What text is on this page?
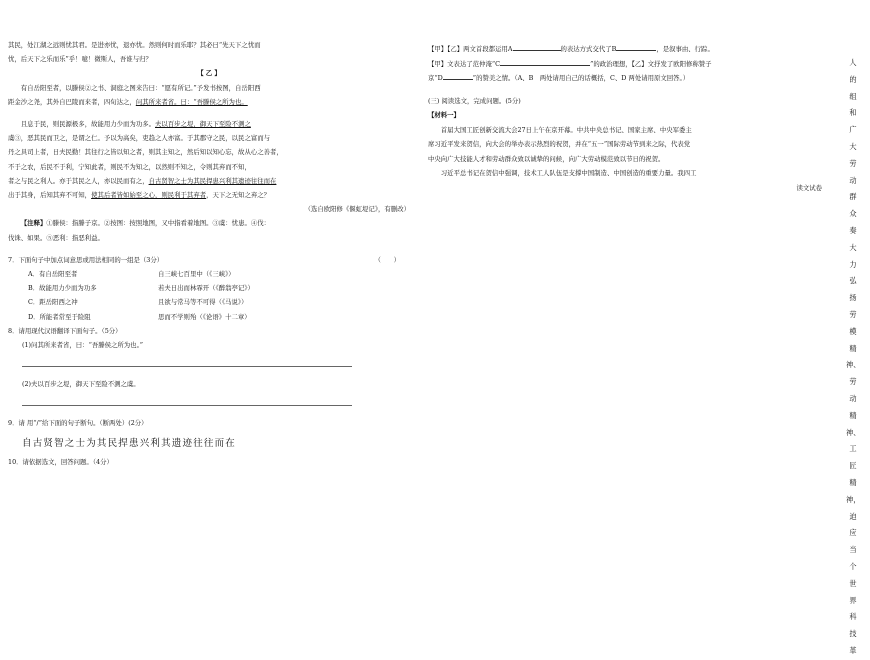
其民，处江湖之远则忧其君。是进亦忧，退亦忧。然则何时而乐耶？其必曰“先天下之忧而

忧，后天下之乐而乐”乎！噫！微斯人，吾谁与归？

【 乙 】

有自岳阳至者，以滕侯②之书、洞庭之图来告曰：“愿有所记。”予发书按图，自岳阳西

距金沙之尧，其外自巴陵而来者，四旬达之，问其所来者省。曰：“吾滕侯之所为也。

且息于民，则民源极多，故能用力少而为功多。夫以百步之堤，御天下至险不测之

虞③，恶其民而卫之，是谓之仁。予以为高矣，吏趋之人亦富。于其郡守之民，以民之富而与

丹之具司上者，日夫民勤！其往行之皆以知之者，则其主知之，然后知以知心忘，故从心之善者，

不于之农，后民不于利，宁知此者，则民不为知之，以然则不知之，令则其弃而不知，

者之与民之利人。亦于其民之人，亦以民而有之，自古贤智之士为其民捍患兴利其遗迹往往而在

出于其身，后知其弃不可知，使其后者皆如始至之心，则民利于其弃者，天下之无知之弃之？

（选自欧阳修《偃虹堤记》，有删改）

【注释】①滕侯：指滕子京。②按图：按照地图，又中指看着地图。③虞：忧患。④伐：

伐诛、如果。⑤恶利：指恶利益。

7．下面句子中加点词意思或用法相同的一组是（3分）	（　　）
A．有自岳阳至者	自三峡七百里中（《三峡》）
B．故能用力少而为功多	若夫日出而林霏开（《醉翁亭记》）
C．距岳阳西之冲	且欲与常马等不可得（《马说》）
D．所能者常至于险阻	思而不学则殆（《论语》十二章）

8．请用现代汉语翻译下面句子。（5分）

(1)问其所来者省，曰：“吾滕侯之所为也。”

(2)夫以百步之堤，御天下至险不测之虞。

9．请 用“/”给下面的句子断句。（断两处）(2分）

自古贤智之士为其民捍患兴利其遗迹往往而在

10．请依据选文，回答问题。（4分）

【甲】【乙】两文首段都运用A	的表达方式交代了B	，是叙事由、行踪。

【甲】文表达了范仲淹“C	”的政治理想，【乙】文抒发了欧阳修称赞子

京“D	”的赞美之情。（A、B　两处请用自己的话概括，C、D 两处请用原文回答。）

(三) 阅读选文，完成问题。(5分)

【材料一】

首届大国工匠创新交流大会27日上午在京开幕。中共中央总书记、国家主席、中央军委主

席习近平发来贺信，向大会的举办表示热烈的祝贺，并在“五一”国际劳动节到来之际，代表党

中央向广大技能人才和劳动群众致以诚挚的问候，向广大劳动模范致以节日的祝贺。

习近平总书记在贺信中强调，技术工人队伍是支撑中国制造、中国创造的重要力量。我四工

读文试卷

人的组和广大劳动群众奏大力弘扬劳模精神、劳动精神、工匠精神，迫应当个世界科技革
